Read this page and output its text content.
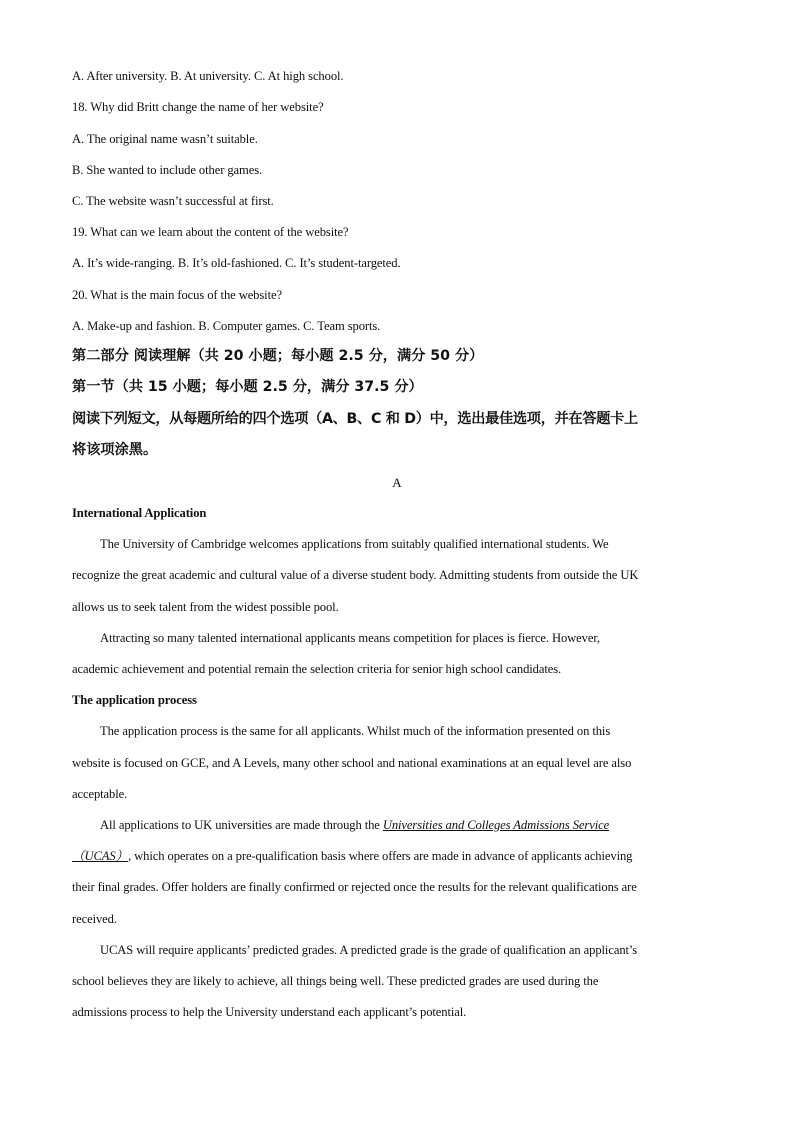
A. After university. B. At university. C. At high school.
18. Why did Britt change the name of her website?
A. The original name wasn’t suitable.
B. She wanted to include other games.
C. The website wasn’t successful at first.
19. What can we learn about the content of the website?
A. It’s wide-ranging. B. It’s old-fashioned. C. It’s student-targeted.
20. What is the main focus of the website?
A. Make-up and fashion. B. Computer games. C. Team sports.
第二部分 阅读理解（共 20 小题；每小题 2.5 分，满分 50 分）
第一节（共 15 小题；每小题 2.5 分，满分 37.5 分）
阅读下列短文，从每题所给的四个选项（A、B、C 和 D）中，选出最佳选项，并在答题卡上
将该项涂黑。
A
International Application
The University of Cambridge welcomes applications from suitably qualified international students. We
recognize the great academic and cultural value of a diverse student body. Admitting students from outside the UK
allows us to seek talent from the widest possible pool.
Attracting so many talented international applicants means competition for places is fierce. However,
academic achievement and potential remain the selection criteria for senior high school candidates.
The application process
The application process is the same for all applicants. Whilst much of the information presented on this
website is focused on GCE, and A Levels, many other school and national examinations at an equal level are also
acceptable.
All applications to UK universities are made through the Universities and Colleges Admissions Service
（UCAS）, which operates on a pre-qualification basis where offers are made in advance of applicants achieving
their final grades. Offer holders are finally confirmed or rejected once the results for the relevant qualifications are
received.
UCAS will require applicants’ predicted grades. A predicted grade is the grade of qualification an applicant’s
school believes they are likely to achieve, all things being well. These predicted grades are used during the
admissions process to help the University understand each applicant’s potential.
